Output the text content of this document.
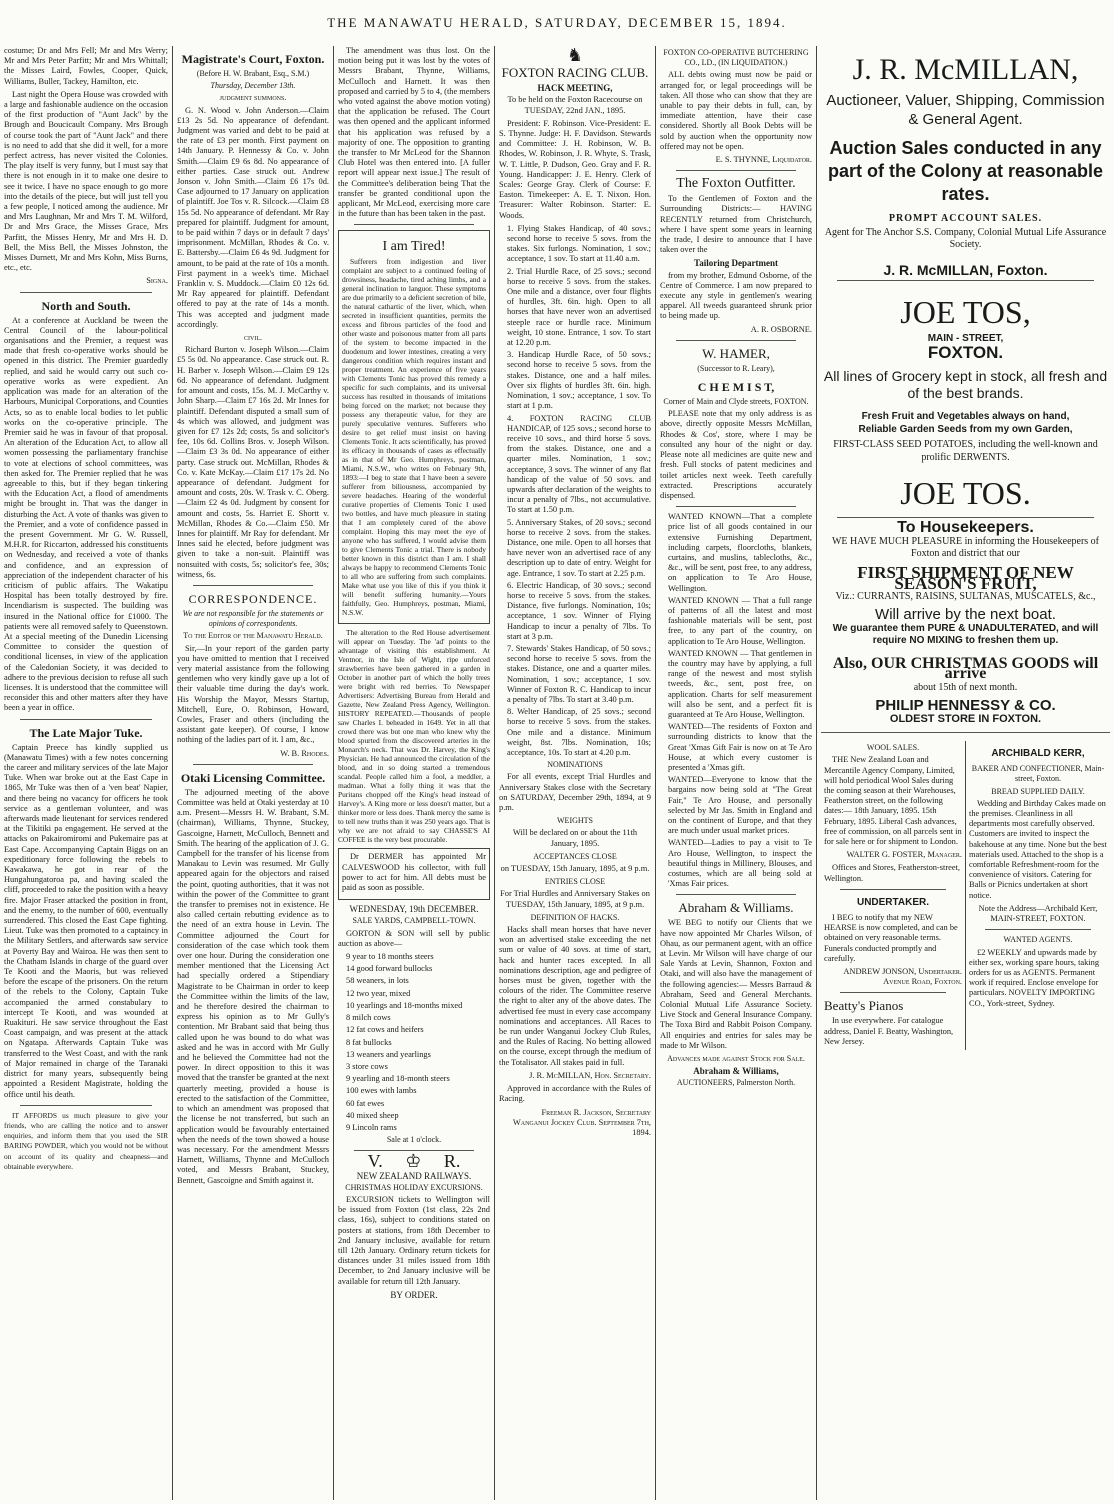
THE MANAWATU HERALD, SATURDAY, DECEMBER 15, 1894.

costume; Dr and Mrs Fell; Mr and Mrs Werry; Mr and Mrs Peter Parfitt; Mr and Mrs Whittall; the Misses Laird, Fowles, Cooper, Quick, Williams, Buller, Tackey, Hamilton, etc.

Last night the Opera House was crowded with a large and fashionable audience on the occasion of the first production of "Aunt Jack" by the Brough and Boucicault Company. Mrs Brough of course took the part of "Aunt Jack" and there is no need to add that she did it well, for a more perfect actress, has never visited the Colonies. The play itself is very funny, but I must say that there is not enough in it to make one desire to see it twice. I have no space enough to go more into the details of the piece, but will just tell you a few people, I noticed among the audience. Mr and Mrs Laughnan, Mr and Mrs T. M. Wilford, Dr and Mrs Grace, the Misses Grace, Mrs Parfitt, the Misses Henry, Mr and Mrs H. D. Bell, the Miss Bell, the Misses Johnston, the Misses Durnett, Mr and Mrs Kohn, Miss Burns, etc., etc.

Signa.

North and South.

At a conference at Auckland be tween the Central Council of the labour-political organisations and the Premier, a request was made that fresh co-operative works should be opened in this district. The Premier guardedly replied, and said he would carry out such co-operative works as were expedient. An application was made for an alteration of the Harbours, Municipal Corporations, and Counties Acts, so as to enable local bodies to let public works on the co-operative principle. The Premier said he was in favour of that proposal. An alteration of the Education Act, to allow all women possessing the parliamentary franchise to vote at elections of school committees, was then asked for. The Premier replied that he was agreeable to this, but if they began tinkering with the Education Act, a flood of amendments might be brought in. That was the danger in disturbing the Act. A vote of thanks was given to the Premier, and a vote of confidence passed in the present Government. Mr G. W. Russell, M.H.R. for Riccarton, addressed his constituents on Wednesday, and received a vote of thanks and confidence, and an expression of appreciation of the independent character of his criticism of public affairs. The Wakatipu Hospital has been totally destroyed by fire. Incendiarism is suspected. The building was insured in the National office for £1000. The patients were all removed safely to Queenstown. At a special meeting of the Dunedin Licensing Committee to consider the question of conditional licenses, in view of the application of the Caledonian Society, it was decided to adhere to the previous decision to refuse all such licenses. It is understood that the committee will reconsider this and other matters after they have been a year in office.

The Late Major Tuke.

Captain Preece has kindly supplied us (Manawatu Times) with a few notes concerning the career and military services of the late Major Tuke. When war broke out at the East Cape in 1865, Mr Tuke was then of a 'ven beat' Napier, and there being no vacancy for officers he took service as a gentleman volunteer, and was afterwards made lieutenant for services rendered at the Tikitiki pa engagement. He served at the attacks on Pakairomiromi and Pukemaire pas at East Cape. Accompanying Captain Biggs on an expeditionary force following the rebels to Kawakawa, he got in rear of the Hungahungatoroa pa, and having scaled the cliff, proceeded to rake the position with a heavy fire. Major Fraser attacked the position in front, and the enemy, to the number of 600, eventually surrendered. This closed the East Cape fighting. Lieut. Tuke was then promoted to a captaincy in the Military Settlers, and afterwards saw service at Poverty Bay and Wairoa. He was then sent to the Chatham Islands in charge of the guard over Te Kooti and the Maoris, but was relieved before the escape of the prisoners. On the return of the rebels to the Colony, Captain Tuke accompanied the armed constabulary to intercept Te Kooti, and was wounded at Ruakituri. He saw service throughout the East Coast campaign, and was present at the attack on Ngatapa. Afterwards Captain Tuke was transferred to the West Coast, and with the rank of Major remained in charge of the Taranaki district for many years, subsequently being appointed a Resident Magistrate, holding the office until his death.

IT AFFORDS us much pleasure to give your friends, who are calling the notice and to answer enquiries, and inform them that you used the SIR BARING POWDER, which you would not be without on account of its quality and cheapness—and obtainable everywhere.

Magistrate's Court, Foxton.
(Before H. W. Brabant, Esq., S.M.)
Thursday, December 13th.
judgment summons.

G. N. Wood v. John Anderson.—Claim £13 2s 5d. No appearance of defendant. Judgment was varied and debt to be paid at the rate of £3 per month. First payment on 14th January. P. Hennessy & Co. v. John Smith.—Claim £9 6s 8d. No appearance of either parties. Case struck out. Andrew Jonson v. John Smith.—Claim £6 17s 0d. Case adjourned to 17 January on application of plaintiff. Joe Tos v. R. Silcock.—Claim £8 15s 5d. No appearance of defendant. Mr Ray prepared for plaintiff. Judgment for amount, to be paid within 7 days or in default 7 days' imprisonment. McMillan, Rhodes & Co. v. E. Battersby.—Claim £6 4s 9d. Judgment for amount, to be paid at the rate of 10s a month. First payment in a week's time. Michael Franklin v. S. Muddock.—Claim £0 12s 6d. Mr Ray appeared for plaintiff. Defendant offered to pay at the rate of 14s a month. This was accepted and judgment made accordingly.

civil.

Richard Burton v. Joseph Wilson.—Claim £5 5s 0d. No appearance. Case struck out. R. H. Barber v. Joseph Wilson.—Claim £9 12s 6d. No appearance of defendant. Judgment for amount and costs, 15s. M. J. McCarthy v. John Sharp.—Claim £7 16s 2d. Mr Innes for plaintiff. Defendant disputed a small sum of 4s which was allowed, and judgment was given for £7 12s 2d; costs, 5s and solicitor's fee, 10s 6d. Collins Bros. v. Joseph Wilson.—Claim £3 3s 0d. No appearance of either party. Case struck out. McMillan, Rhodes & Co. v. Kate McKay.—Claim £17 17s 2d. No appearance of defendant. Judgment for amount and costs, 20s. W. Trask v. C. Oberg.—Claim £2 4s 0d. Judgment by consent for amount and costs, 5s. Harriet E. Shortt v. McMillan, Rhodes & Co.—Claim £50. Mr Innes for plaintiff. Mr Ray for defendant. Mr Innes said he elected, before judgment was given to take a non-suit. Plaintiff was nonsuited with costs, 5s; solicitor's fee, 30s; witness, 6s.

CORRESPONDENCE.
We are not responsible for the statements or opinions of correspondents.
To the Editor of the Manawatu Herald.

Sir,—In your report of the garden party you have omitted to mention that I received very material assistance from the following gentlemen who very kindly gave up a lot of their valuable time during the day's work. His Worship the Mayor, Messrs Startup, Mitchell, Eure, O. Robinson, Howard, Cowles, Fraser and others (including the assistant gate keeper). Of course, I know nothing of the ladies part of it. I am, &c.,

W. B. Rhodes.

Otaki Licensing Committee.

The adjourned meeting of the above Committee was held at Otaki yesterday at 10 a.m. Present—Messrs H. W. Brabant, S.M. (chairman), Williams, Thynne, Stuckey, Gascoigne, Harnett, McCulloch, Bennett and Smith. The hearing of the application of J. G. Campbell for the transfer of his license from Manakau to Levin was resumed. Mr Gully appeared again for the objectors and raised the point, quoting authorities, that it was not within the power of the Committee to grant the transfer to premises not in existence. He also called certain rebutting evidence as to the need of an extra house in Levin. The Committee adjourned the Court for consideration of the case which took them over one hour. During the consideration one member mentioned that the Licensing Act had specially ordered a Stipendiary Magistrate to be Chairman in order to keep the Committee within the limits of the law, and he therefore desired the chairman to express his opinion as to Mr Gully's contention. Mr Brabant said that being thus called upon he was bound to do what was asked and he was in accord with Mr Gully and he believed the Committee had not the power. In direct opposition to this it was moved that the transfer be granted at the next quarterly meeting, provided a house is erected to the satisfaction of the Committee, to which an amendment was proposed that the license be not transferred, but such an application would be favourably entertained when the needs of the town showed a house was necessary. For the amendment Messrs Harnett, Williams, Thynne and McCulloch voted, and Messrs Brabant, Stuckey, Bennett, Gascoigne and Smith against it.

The amendment was thus lost. On the motion being put it was lost by the votes of Messrs Brabant, Thynne, Williams, McCulloch and Harnett. It was then proposed and carried by 5 to 4, (the members who voted against the above motion voting) that the application be refused. The Court was then opened and the applicant informed that his application was refused by a majority of one. The opposition to granting the transfer to Mr McLeod for the Shannon Club Hotel was then entered into. [A fuller report will appear next issue.] The result of the Committee's deliberation being That the transfer be granted conditional upon the applicant, Mr McLeod, exercising more care in the future than has been taken in the past.

I am Tired!

Sufferers from indigestion and liver complaint are subject to a continued feeling of drowsiness, headache, tired aching limbs, and a general inclination to languor. These symptoms are due primarily to a deficient secretion of bile, the natural cathartic of the liver, which, when secreted in insufficient quantities, permits the excess and fibrous particles of the food and other waste and poisonous matter from all parts of the system to become impacted in the duodenum and lower intestines, creating a very dangerous condition which requires instant and proper treatment. An experience of five years with Clements Tonic has proved this remedy a specific for such complaints, and its universal success has resulted in thousands of imitations being forced on the market; not because they possess any therapeutic value, for they are purely speculative ventures. Sufferers who desire to get relief must insist on having Clements Tonic. It acts scientifically, has proved its efficacy in thousands of cases as effectually as in that of Mr Geo. Humphreys, postman, Miami, N.S.W., who writes on February 9th, 1893:—I beg to state that I have been a severe sufferer from biliousness, accompanied by severe headaches. Hearing of the wonderful curative properties of Clements Tonic I used two bottles, and have much pleasure in stating that I am completely cured of the above complaint. Hoping this may meet the eye of anyone who has suffered, I would advise them to give Clements Tonic a trial. There is nobody better known in this district than I am. I shall always be happy to recommend Clements Tonic to all who are suffering from such complaints. Make what use you like of this if you think it will benefit suffering humanity.—Yours faithfully, Geo. Humphreys, postman, Miami, N.S.W.

The alteration to the Red House advertisement will appear on Tuesday. The 'ad' points to the advantage of visiting this establishment. At Ventnor, in the Isle of Wight, ripe unforced strawberries have been gathered in a garden in October in another part of which the holly trees were bright with red berries. To Newspaper Advertisers: Advertising Bureau from Herald and Gazette, New Zealand Press Agency, Wellington. HISTORY REPEATED.—Thousands of people saw Charles I. beheaded in 1649. Yet in all that crowd there was but one man who knew why the blood spurted from the discovered arteries in the Monarch's neck. That was Dr. Harvey, the King's Physician. He had announced the circulation of the blood, and in so doing started a tremendous scandal. People called him a fool, a meddler, a madman. What a folly thing it was that the Puritans chopped off the King's head instead of Harvey's. A King more or less doesn't matter, but a thinker more or less does. Thank mercy the same is to tell new truths than it was 250 years ago. That is why we are not afraid to say CHASSE'S AI COFFEE is the very best procurable.

Dr DERMER has appointed Mr CALVESWOOD his collector, with full power to act for him. All debts must be paid as soon as possible.

WEDNESDAY, 19th DECEMBER.
SALE YARDS, CAMPBELL-TOWN.

GORTON & SON will sell by public auction as above—

9 year to 18 months steers

14 good forward bullocks

58 weaners, in lots

12 two year, mixed

10 yearlings and 18-months mixed

8 milch cows

12 fat cows and heifers

8 fat bullocks

13 weaners and yearlings

3 store cows

9 yearling and 18-month steers

100 ewes with lambs

60 fat ewes

40 mixed sheep

9 Lincoln rams

Sale at 1 o'clock.
V. ♔ R.
NEW ZEALAND RAILWAYS.
CHRISTMAS HOLIDAY EXCURSIONS.

EXCURSION tickets to Wellington will be issued from Foxton (1st class, 22s 2nd class, 16s), subject to conditions stated on posters at stations, from 18th December to 2nd January inclusive, available for return till 12th January. Ordinary return tickets for distances under 31 miles issued from 18th December, to 2nd January inclusive will be available for return till 12th January.

BY ORDER.
♞
FOXTON RACING CLUB.
HACK MEETING,

To be held on the Foxton Racecourse on TUESDAY, 22nd JAN., 1895.

President: F. Robinson. Vice-President: E. S. Thynne. Judge: H. F. Davidson. Stewards and Committee: J. H. Robinson, W. B. Rhodes, W. Robinson, J. R. Whyte, S. Trask, W. T. Little, P. Dudson, Geo. Gray and F. R. Young. Handicapper: J. E. Henry. Clerk of Scales: George Gray. Clerk of Course: F. Easton. Timekeeper: A. E. T. Nixon. Hon. Treasurer: Walter Robinson. Starter: E. Woods.

1. Flying Stakes Handicap, of 40 sovs.; second horse to receive 5 sovs. from the stakes. Six furlongs. Nomination, 1 sov.; acceptance, 1 sov. To start at 11.40 a.m.

2. Trial Hurdle Race, of 25 sovs.; second horse to receive 5 sovs. from the stakes. One mile and a distance, over four flights of hurdles, 3ft. 6in. high. Open to all horses that have never won an advertised steeple race or hurdle race. Minimum weight, 10 stone. Entrance, 1 sov. To start at 12.20 p.m.

3. Handicap Hurdle Race, of 50 sovs.; second horse to receive 5 sovs. from the stakes. Distance, one and a half miles. Over six flights of hurdles 3ft. 6in. high. Nomination, 1 sov.; acceptance, 1 sov. To start at 1 p.m.

4. FOXTON RACING CLUB HANDICAP, of 125 sovs.; second horse to receive 10 sovs., and third horse 5 sovs. from the stakes. Distance, one and a quarter miles. Nomination, 1 sov.; acceptance, 3 sovs. The winner of any flat handicap of the value of 50 sovs. and upwards after declaration of the weights to incur a penalty of 7lbs., not accumulative. To start at 1.50 p.m.

5. Anniversary Stakes, of 20 sovs.; second horse to receive 2 sovs. from the stakes. Distance, one mile. Open to all horses that have never won an advertised race of any description up to date of entry. Weight for age. Entrance, 1 sov. To start at 2.25 p.m.

6. Electric Handicap, of 30 sovs.; second horse to receive 5 sovs. from the stakes. Distance, five furlongs. Nomination, 10s; acceptance, 1 sov. Winner of Flying Handicap to incur a penalty of 7lbs. To start at 3 p.m.

7. Stewards' Stakes Handicap, of 50 sovs.; second horse to receive 5 sovs. from the stakes. Distance, one and a quarter miles. Nomination, 1 sov.; acceptance, 1 sov. Winner of Foxton R. C. Handicap to incur a penalty of 7lbs. To start at 3.40 p.m.

8. Welter Handicap, of 25 sovs.; second horse to receive 5 sovs. from the stakes. One mile and a distance. Minimum weight, 8st. 7lbs. Nomination, 10s; acceptance, 10s. To start at 4.20 p.m.

NOMINATIONS

For all events, except Trial Hurdles and Anniversary Stakes close with the Secretary on SATURDAY, December 29th, 1894, at 9 p.m.

WEIGHTS

Will be declared on or about the 11th January, 1895.

ACCEPTANCES CLOSE

on TUESDAY, 15th January, 1895, at 9 p.m.

ENTRIES CLOSE

For Trial Hurdles and Anniversary Stakes on TUESDAY, 15th January, 1895, at 9 p.m.

DEFINITION OF HACKS.

Hacks shall mean horses that have never won an advertised stake exceeding the net sum or value of 40 sovs. at time of start, hack and hunter races excepted. In all nominations description, age and pedigree of horses must be given, together with the colours of the rider. The Committee reserve the right to alter any of the above dates. The advertised fee must in every case accompany nominations and acceptances. All Races to be run under Wanganui Jockey Club Rules, and the Rules of Racing. No betting allowed on the course, except through the medium of the Totalisator. All stakes paid in full.

J. R. McMILLAN, Hon. Secretary.

Approved in accordance with the Rules of Racing.

Freeman R. Jackson, Secretary Wanganui Jockey Club. September 7th, 1894.

FOXTON CO-OPERATIVE BUTCHERING CO., LD., (IN LIQUIDATION.)

ALL debts owing must now be paid or arranged for, or legal proceedings will be taken. All those who can show that they are unable to pay their debts in full, can, by immediate attention, have their case considered. Shortly all Book Debts will be sold by auction when the opportunity now offered may not be open.

E. S. THYNNE, Liquidator.

The Foxton Outfitter.

To the Gentlemen of Foxton and the Surrounding Districts:— HAVING RECENTLY returned from Christchurch, where I have spent some years in learning the trade, I desire to announce that I have taken over the

Tailoring Department

from my brother, Edmund Osborne, of the Centre of Commerce. I am now prepared to execute any style in gentlemen's wearing apparel. All tweeds guaranteed shrunk prior to being made up.

A. R. OSBORNE.

W. HAMER,
(Successor to R. Leary),
C H E M I S T,
Corner of Main and Clyde streets, FOXTON.

PLEASE note that my only address is as above, directly opposite Messrs McMillan, Rhodes & Cos', store, where I may be consulted any hour of the night or day. Please note all medicines are quite new and fresh. Full stocks of patent medicines and toilet articles next week. Teeth carefully extracted. Prescriptions accurately dispensed.

WANTED KNOWN—That a complete price list of all goods contained in our extensive Furnishing Department, including carpets, floorcloths, blankets, curtains, and muslins, tablecloths, &c., &c., will be sent, post free, to any address, on application to Te Aro House, Wellington.

WANTED KNOWN — That a full range of patterns of all the latest and most fashionable materials will be sent, post free, to any part of the country, on application to Te Aro House, Wellington.

WANTED KNOWN — That gentlemen in the country may have by applying, a full range of the newest and most stylish tweeds, &c., sent, post free, on application. Charts for self measurement will also be sent, and a perfect fit is guaranteed at Te Aro House, Wellington.

WANTED—The residents of Foxton and surrounding districts to know that the Great 'Xmas Gift Fair is now on at Te Aro House, at which every customer is presented a 'Xmas gift.

WANTED—Everyone to know that the bargains now being sold at "The Great Fair," Te Aro House, and personally selected by Mr Jas. Smith in England and on the continent of Europe, and that they are much under usual market prices.

WANTED—Ladies to pay a visit to Te Aro House, Wellington, to inspect the beautiful things in Millinery, Blouses, and costumes, which are all being sold at 'Xmas Fair prices.

Abraham & Williams.

WE BEG to notify our Clients that we have now appointed Mr Charles Wilson, of Ohau, as our permanent agent, with an office at Levin. Mr Wilson will have charge of our Sale Yards at Levin, Shannon, Foxton and Otaki, and will also have the management of the following agencies:— Messrs Barraud & Abraham, Seed and General Merchants. Colonial Mutual Life Assurance Society. Live Stock and General Insurance Company. The Toxa Bird and Rabbit Poison Company. All enquiries and entries for sales may be made to Mr Wilson.

Advances made against Stock for Sale.
Abraham & Williams,
AUCTIONEERS, Palmerston North.
J. R. McMILLAN,
Auctioneer, Valuer, Shipping, Commission & General Agent.
Auction Sales conducted in any part of the Colony at reasonable rates.
PROMPT ACCOUNT SALES.
Agent for The Anchor S.S. Company, Colonial Mutual Life Assurance Society.
J. R. McMILLAN, Foxton.
JOE TOS,
MAIN - STREET,
FOXTON.
All lines of Grocery kept in stock, all fresh and of the best brands.
Fresh Fruit and Vegetables always on hand,
Reliable Garden Seeds from my own Garden,
FIRST-CLASS SEED POTATOES, including the well-known and prolific DERWENTS.
JOE TOS.
To Housekeepers.
WE HAVE MUCH PLEASURE in informing the Housekeepers of Foxton and district that our
FIRST SHIPMENT OF NEW SEASON'S FRUIT,
Viz.: CURRANTS, RAISINS, SULTANAS, MUSCATELS, &c.,
Will arrive by the next boat.
We guarantee them PURE & UNADULTERATED, and will require NO MIXING to freshen them up.
Also, OUR CHRISTMAS GOODS will arrive
about 15th of next month.
PHILIP HENNESSY & CO.
OLDEST STORE IN FOXTON.
WOOL SALES.

THE New Zealand Loan and Mercantile Agency Company, Limited, will hold periodical Wool Sales during the coming season at their Warehouses, Featherston street, on the following dates:— 18th January, 1895. 15th February, 1895. Liberal Cash advances, free of commission, on all parcels sent in for sale here or for shipment to London.

WALTER G. FOSTER, Manager.

Offices and Stores, Featherston-street, Wellington.

UNDERTAKER.

I BEG to notify that my NEW HEARSE is now completed, and can be obtained on very reasonable terms. Funerals conducted promptly and carefully.

ANDREW JONSON, Undertaker. Avenue Road, Foxton.

Beatty's Pianos

In use everywhere. For catalogue address, Daniel F. Beatty, Washington, New Jersey.

ARCHIBALD KERR,
BAKER AND CONFECTIONER, Main-street, Foxton.
BREAD SUPPLIED DAILY.

Wedding and Birthday Cakes made on the premises. Cleanliness in all departments most carefully observed. Customers are invited to inspect the bakehouse at any time. None but the best materials used. Attached to the shop is a comfortable Refreshment-room for the convenience of visitors. Catering for Balls or Picnics undertaken at short notice.

Note the Address—Archibald Kerr, MAIN-STREET, FOXTON.

WANTED AGENTS.

£2 WEEKLY and upwards made by either sex, working spare hours, taking orders for us as AGENTS. Permanent work if required. Enclose envelope for particulars. NOVELTY IMPORTING CO., York-street, Sydney.
